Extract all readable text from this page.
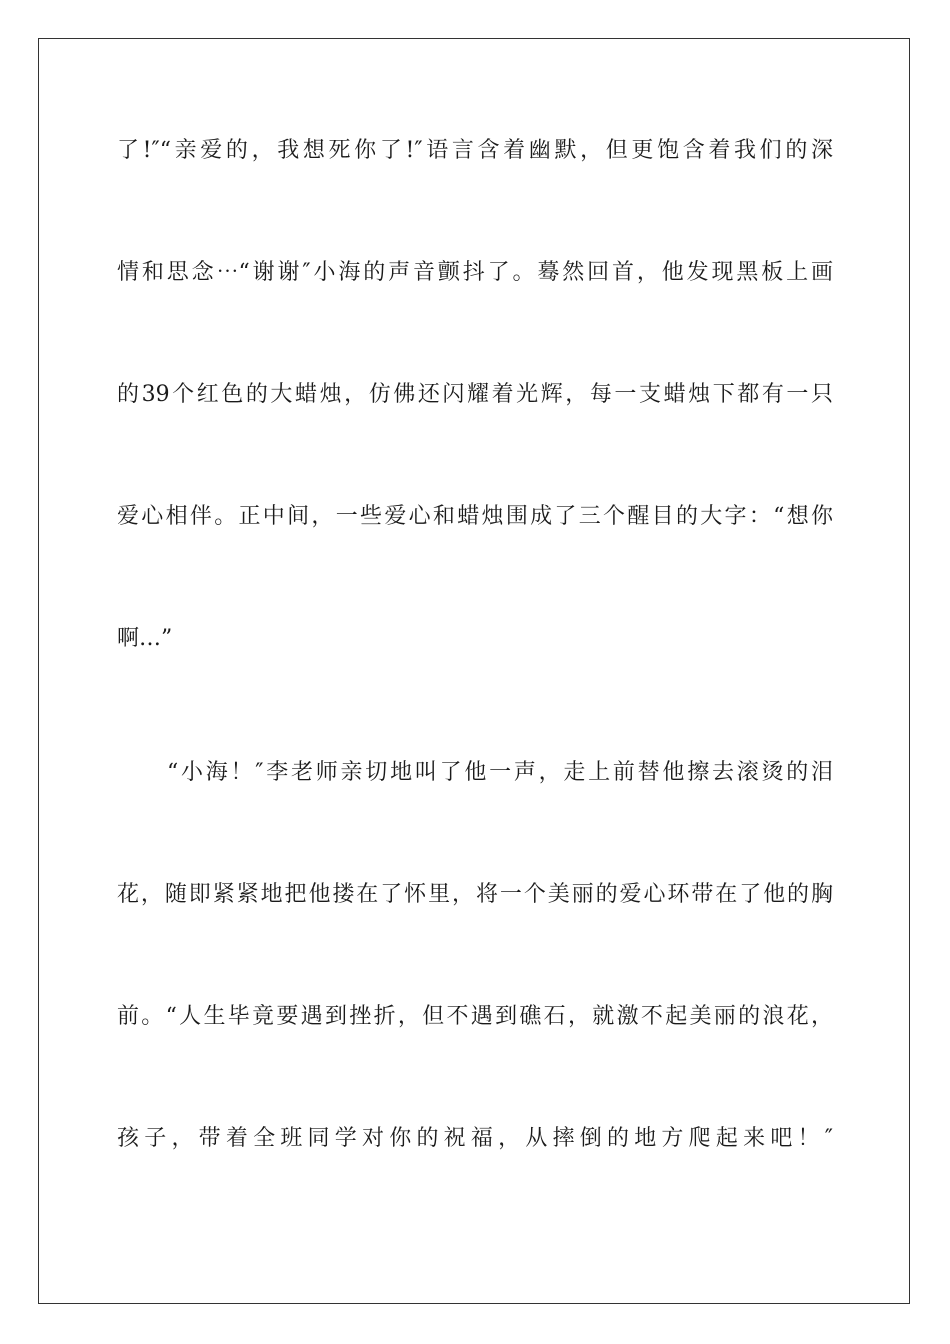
了!″“亲爱的，我想死你了!″语言含着幽默，但更饱含着我们的深
情和思念⋯“谢谢″小海的声音颤抖了。蓦然回首，他发现黑板上画
的39个红色的大蜡烛，仿佛还闪耀着光辉，每一支蜡烛下都有一只
爱心相伴。正中间，一些爱心和蜡烛围成了三个醒目的大字：“想你
啊…”
“小海！″李老师亲切地叫了他一声，走上前替他擦去滚烫的泪
花，随即紧紧地把他搂在了怀里，将一个美丽的爱心环带在了他的胸
前。“人生毕竟要遇到挫折，但不遇到礁石，就激不起美丽的浪花，
孩子，带着全班同学对你的祝福，从摔倒的地方爬起来吧！″
